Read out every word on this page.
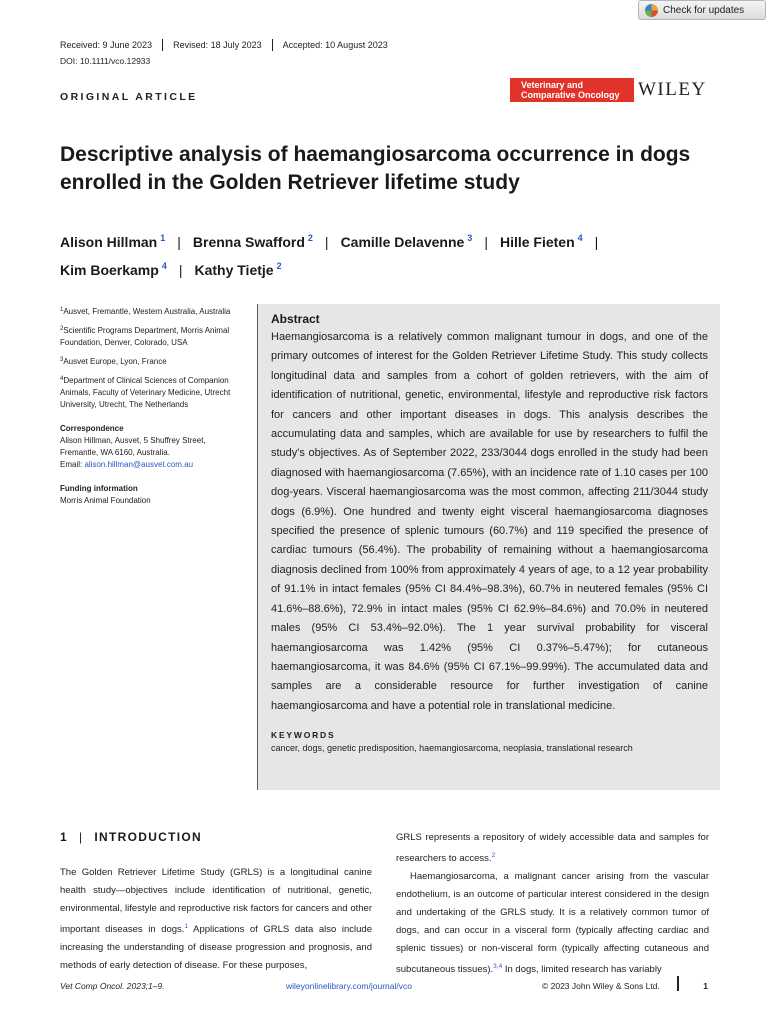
Check for updates
Received: 9 June 2023	Revised: 18 July 2023	Accepted: 10 August 2023
DOI: 10.1111/vco.12933
ORIGINAL ARTICLE
Veterinary and
Comparative Oncology WILEY
Descriptive analysis of haemangiosarcoma occurrence in dogs enrolled in the Golden Retriever lifetime study
Alison Hillman $^1$ | Brenna Swafford $^2$ | Camille Delavenne $^3$ | Hille Fieten $^4$ |
Kim Boerkamp $^4$ | Kathy Tietje $^2$
$^1$Ausvet, Fremantle, Western Australia, Australia
$^2$Scientific Programs Department, Morris Animal Foundation, Denver, Colorado, USA
$^3$Ausvet Europe, Lyon, France
$^4$Department of Clinical Sciences of Companion Animals, Faculty of Veterinary Medicine, Utrecht University, Utrecht, The Netherlands
Correspondence
Alison Hillman, Ausvet, 5 Shuffrey Street, Fremantle, WA 6160, Australia.
Email: alison.hillman@ausvet.com.au
Funding information
Morris Animal Foundation
Abstract

Haemangiosarcoma is a relatively common malignant tumour in dogs, and one of the primary outcomes of interest for the Golden Retriever Lifetime Study. This study collects longitudinal data and samples from a cohort of golden retrievers, with the aim of identification of nutritional, genetic, environmental, lifestyle and reproductive risk factors for cancers and other important diseases in dogs. This analysis describes the accumulating data and samples, which are available for use by researchers to fulfil the study's objectives. As of September 2022, 233/3044 dogs enrolled in the study had been diagnosed with haemangiosarcoma (7.65%), with an incidence rate of 1.10 cases per 100 dog-years. Visceral haemangiosarcoma was the most common, affecting 211/3044 study dogs (6.9%). One hundred and twenty eight visceral haemangiosarcoma diagnoses specified the presence of splenic tumours (60.7%) and 119 specified the presence of cardiac tumours (56.4%). The probability of remaining without a haemangiosarcoma diagnosis declined from 100% from approximately 4 years of age, to a 12 year probability of 91.1% in intact females (95% CI 84.4%–98.3%), 60.7% in neutered females (95% CI 41.6%–88.6%), 72.9% in intact males (95% CI 62.9%–84.6%) and 70.0% in neutered males (95% CI 53.4%–92.0%). The 1 year survival probability for visceral haemangiosarcoma was 1.42% (95% CI 0.37%–5.47%); for cutaneous haemangiosarcoma, it was 84.6% (95% CI 67.1%–99.99%). The accumulated data and samples are a considerable resource for further investigation of canine haemangiosarcoma and have a potential role in translational medicine.

KEYWORDS
cancer, dogs, genetic predisposition, haemangiosarcoma, neoplasia, translational research
1 | INTRODUCTION

The Golden Retriever Lifetime Study (GRLS) is a longitudinal canine health study—objectives include identification of nutritional, genetic, environmental, lifestyle and reproductive risk factors for cancers and other important diseases in dogs.$^1$ Applications of GRLS data also include increasing the understanding of disease progression and prognosis, and methods of early detection of disease. For these purposes,

GRLS represents a repository of widely accessible data and samples for researchers to access.$^2$

Haemangiosarcoma, a malignant cancer arising from the vascular endothelium, is an outcome of particular interest considered in the design and undertaking of the GRLS study. It is a relatively common tumor of dogs, and can occur in a visceral form (typically affecting cardiac and splenic tissues) or non-visceral form (typically affecting cutaneous and subcutaneous tissues).$^{3,4}$ In dogs, limited research has variably

Vet Comp Oncol. 2023;1–9.	wileyonlinelibrary.com/journal/vco	© 2023 John Wiley & Sons Ltd.	1
